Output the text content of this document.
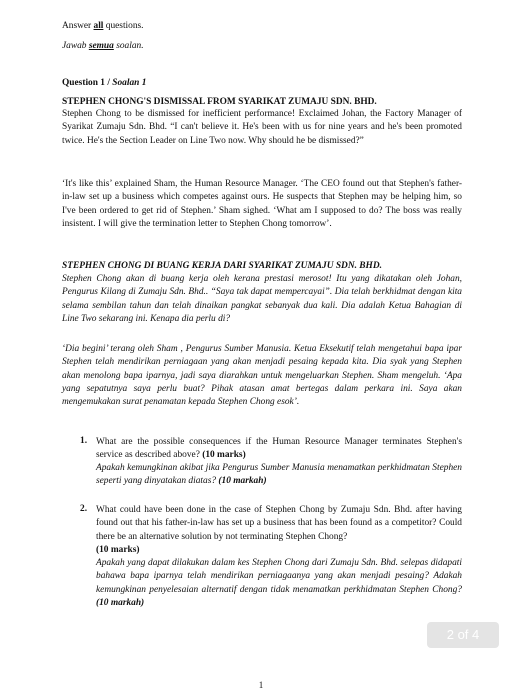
Answer all questions.

Jawab semua soalan.

Question 1 / Soalan 1

STEPHEN CHONG'S DISMISSAL FROM SYARIKAT ZUMAJU SDN. BHD.

Stephen Chong to be dismissed for inefficient performance! Exclaimed Johan, the Factory Manager of Syarikat Zumaju Sdn. Bhd. “I can't believe it. He's been with us for nine years and he's been promoted twice. He's the Section Leader on Line Two now. Why should he be dismissed?”

‘It's like this’ explained Sham, the Human Resource Manager. ‘The CEO found out that Stephen's father-in-law set up a business which competes against ours. He suspects that Stephen may be helping him, so I've been ordered to get rid of Stephen.’ Sham sighed. ‘What am I supposed to do? The boss was really insistent. I will give the termination letter to Stephen Chong tomorrow’.

STEPHEN CHONG DI BUANG KERJA DARI SYARIKAT ZUMAJU SDN. BHD.

Stephen Chong akan di buang kerja oleh kerana prestasi merosot! Itu yang dikatakan oleh Johan, Pengurus Kilang di Zumaju Sdn. Bhd.. “Saya tak dapat mempercayai”. Dia telah berkhidmat dengan kita selama sembilan tahun dan telah dinaikan pangkat sebanyak dua kali. Dia adalah Ketua Bahagian di Line Two sekarang ini. Kenapa dia perlu di?

‘Dia begini’ terang oleh Sham , Pengurus Sumber Manusia. Ketua Eksekutif telah mengetahui bapa ipar Stephen telah mendirikan perniagaan yang akan menjadi pesaing kepada kita. Dia syak yang Stephen akan menolong bapa iparnya, jadi saya diarahkan untuk mengeluarkan Stephen. Sham mengeluh. ‘Apa yang sepatutnya saya perlu buat? Pihak atasan amat bertegas dalam perkara ini. Saya akan mengemukakan surat penamatan kepada Stephen Chong esok’.

1. What are the possible consequences if the Human Resource Manager terminates Stephen's service as described above? (10 marks)

Apakah kemungkinan akibat jika Pengurus Sumber Manusia menamatkan perkhidmatan Stephen seperti yang dinyatakan diatas? (10 markah)

2. What could have been done in the case of Stephen Chong by Zumaju Sdn. Bhd. after having found out that his father-in-law has set up a business that has been found as a competitor? Could there be an alternative solution by not terminating Stephen Chong?
(10 marks)

Apakah yang dapat dilakukan dalam kes Stephen Chong dari Zumaju Sdn. Bhd. selepas didapati bahawa bapa iparnya telah mendirikan perniagaanya yang akan menjadi pesaing? Adakah kemungkinan penyelesaian alternatif dengan tidak menamatkan perkhidmatan Stephen Chong? (10 markah)

2 of 4
1
